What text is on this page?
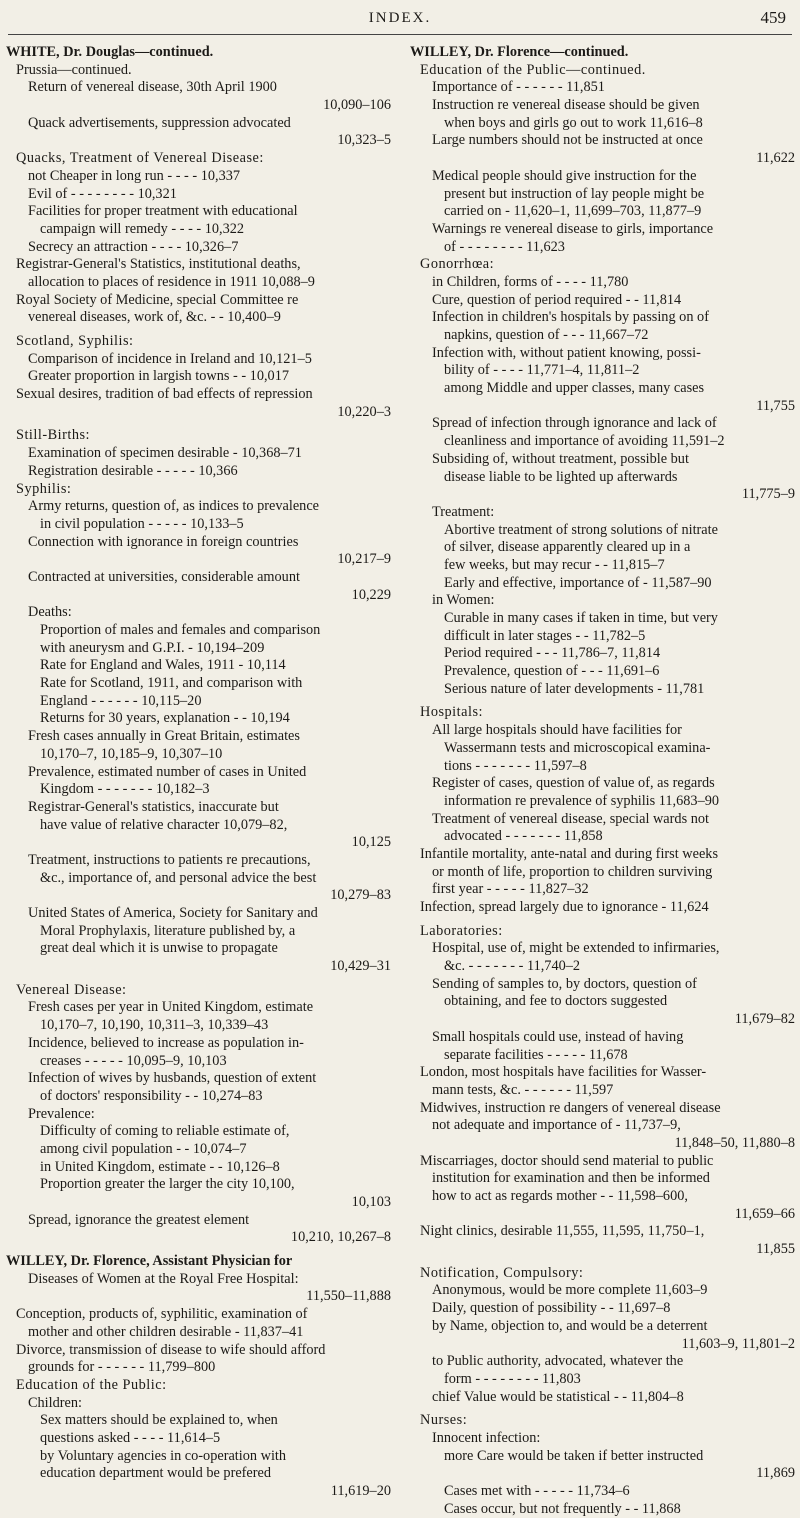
INDEX.	459
WHITE, Dr. Douglas—continued.
Prussia—continued.
Return of venereal disease, 30th April 1900
10,090–106
Quack advertisements, suppression advocated
10,323–5
Quacks, Treatment of Venereal Disease:
not Cheaper in long run - - - - 10,337
Evil of - - - - - - - - 10,321
Facilities for proper treatment with educational
campaign will remedy - - - - 10,322
Secrecy an attraction - - - - 10,326–7
Registrar-General's Statistics, institutional deaths,
allocation to places of residence in 1911 10,088–9
Royal Society of Medicine, special Committee re
venereal diseases, work of, &c. - - 10,400–9
Scotland, Syphilis:
Comparison of incidence in Ireland and 10,121–5
Greater proportion in largish towns - - 10,017
Sexual desires, tradition of bad effects of repression
10,220–3
Still-Births:
Examination of specimen desirable - 10,368–71
Registration desirable - - - - - 10,366
Syphilis:
Army returns, question of, as indices to prevalence
in civil population - - - - - 10,133–5
Connection with ignorance in foreign countries
10,217–9
Contracted at universities, considerable amount
10,229
Deaths:
Proportion of males and females and comparison
with aneurysm and G.P.I. - 10,194–209
Rate for England and Wales, 1911 - 10,114
Rate for Scotland, 1911, and comparison with
England - - - - - - 10,115–20
Returns for 30 years, explanation - - 10,194
Fresh cases annually in Great Britain, estimates
10,170–7, 10,185–9, 10,307–10
Prevalence, estimated number of cases in United
Kingdom - - - - - - - 10,182–3
Registrar-General's statistics, inaccurate but
have value of relative character 10,079–82,
10,125
Treatment, instructions to patients re precautions,
&c., importance of, and personal advice the best
10,279–83
United States of America, Society for Sanitary and
Moral Prophylaxis, literature published by, a
great deal which it is unwise to propagate
10,429–31
Venereal Disease:
Fresh cases per year in United Kingdom, estimate
10,170–7, 10,190, 10,311–3, 10,339–43
Incidence, believed to increase as population in-
creases - - - - - 10,095–9, 10,103
Infection of wives by husbands, question of extent
of doctors' responsibility - - 10,274–83
Prevalence:
Difficulty of coming to reliable estimate of,
among civil population - - 10,074–7
in United Kingdom, estimate - - 10,126–8
Proportion greater the larger the city 10,100,
10,103
Spread, ignorance the greatest element
10,210, 10,267–8
WILLEY, Dr. Florence, Assistant Physician for
Diseases of Women at the Royal Free Hospital:
11,550–11,888
Conception, products of, syphilitic, examination of
mother and other children desirable - 11,837–41
Divorce, transmission of disease to wife should afford
grounds for - - - - - - 11,799–800
Education of the Public:
Children:
Sex matters should be explained to, when
questions asked - - - - 11,614–5
by Voluntary agencies in co-operation with
education department would be prefered
11,619–20
WILLEY, Dr. Florence—continued.
Education of the Public—continued.
Importance of - - - - - - 11,851
Instruction re venereal disease should be given
when boys and girls go out to work 11,616–8
Large numbers should not be instructed at once
11,622
Medical people should give instruction for the
present but instruction of lay people might be
carried on - 11,620–1, 11,699–703, 11,877–9
Warnings re venereal disease to girls, importance
of - - - - - - - - 11,623
Gonorrhœa:
in Children, forms of - - - - 11,780
Cure, question of period required - - 11,814
Infection in children's hospitals by passing on of
napkins, question of - - - 11,667–72
Infection with, without patient knowing, possi-
bility of - - - - 11,771–4, 11,811–2
among Middle and upper classes, many cases
11,755
Spread of infection through ignorance and lack of
cleanliness and importance of avoiding 11,591–2
Subsiding of, without treatment, possible but
disease liable to be lighted up afterwards
11,775–9
Treatment:
Abortive treatment of strong solutions of nitrate
of silver, disease apparently cleared up in a
few weeks, but may recur - - 11,815–7
Early and effective, importance of - 11,587–90
in Women:
Curable in many cases if taken in time, but very
difficult in later stages - - 11,782–5
Period required - - - 11,786–7, 11,814
Prevalence, question of - - - 11,691–6
Serious nature of later developments - 11,781
Hospitals:
All large hospitals should have facilities for
Wassermann tests and microscopical examina-
tions - - - - - - - 11,597–8
Register of cases, question of value of, as regards
information re prevalence of syphilis 11,683–90
Treatment of venereal disease, special wards not
advocated - - - - - - - 11,858
Infantile mortality, ante-natal and during first weeks
or month of life, proportion to children surviving
first year - - - - - 11,827–32
Infection, spread largely due to ignorance - 11,624
Laboratories:
Hospital, use of, might be extended to infirmaries,
&c. - - - - - - - 11,740–2
Sending of samples to, by doctors, question of
obtaining, and fee to doctors suggested
11,679–82
Small hospitals could use, instead of having
separate facilities - - - - - 11,678
London, most hospitals have facilities for Wasser-
mann tests, &c. - - - - - - 11,597
Midwives, instruction re dangers of venereal disease
not adequate and importance of - 11,737–9,
11,848–50, 11,880–8
Miscarriages, doctor should send material to public
institution for examination and then be informed
how to act as regards mother - - 11,598–600,
11,659–66
Night clinics, desirable 11,555, 11,595, 11,750–1,
11,855
Notification, Compulsory:
Anonymous, would be more complete 11,603–9
Daily, question of possibility - - 11,697–8
by Name, objection to, and would be a deterrent
11,603–9, 11,801–2
to Public authority, advocated, whatever the
form - - - - - - - - 11,803
chief Value would be statistical - - 11,804–8
Nurses:
Innocent infection:
more Care would be taken if better instructed
11,869
Cases met with - - - - - 11,734–6
Cases occur, but not frequently - - 11,868
